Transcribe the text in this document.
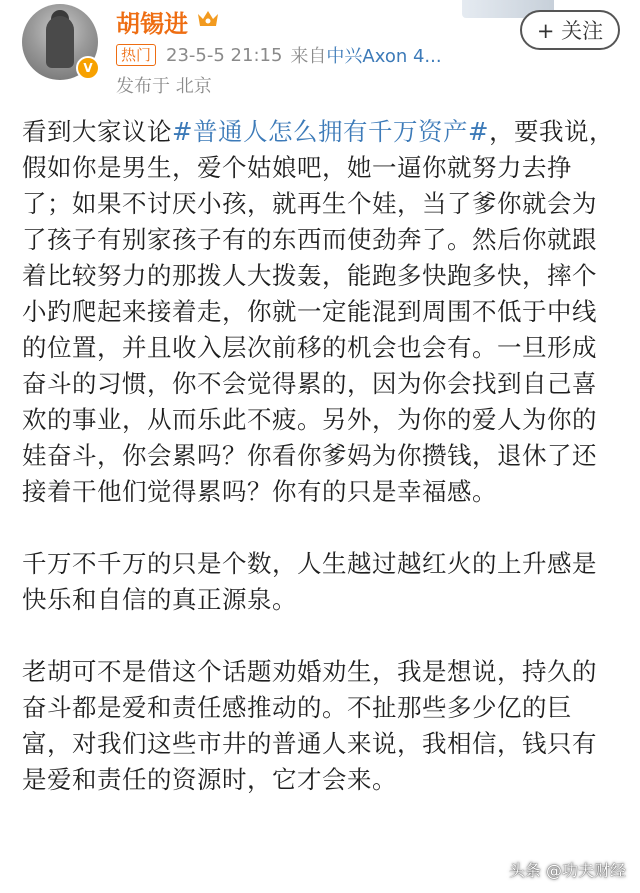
V
胡锡进	+ 关注
热门 23-5-5 21:15 来自 中兴Axon 4...
发布于 北京

看到大家议论#普通人怎么拥有千万资产#，要我说，假如你是男生，爱个姑娘吧，她一逼你就努力去挣了；如果不讨厌小孩，就再生个娃，当了爹你就会为了孩子有别家孩子有的东西而使劲奔了。然后你就跟着比较努力的那拨人大拨轰，能跑多快跑多快，摔个小趵爬起来接着走，你就一定能混到周围不低于中线的位置，并且收入层次前移的机会也会有。一旦形成奋斗的习惯，你不会觉得累的，因为你会找到自己喜欢的事业，从而乐此不疲。另外，为你的爱人为你的娃奋斗，你会累吗？你看你爹妈为你攒钱，退休了还接着干他们觉得累吗？你有的只是幸福感。

千万不千万的只是个数，人生越过越红火的上升感是快乐和自信的真正源泉。

老胡可不是借这个话题劝婚劝生，我是想说，持久的奋斗都是爱和责任感推动的。不扯那些多少亿的巨富，对我们这些市井的普通人来说，我相信，钱只有是爱和责任的资源时，它才会来。

头条 @功夫财经
